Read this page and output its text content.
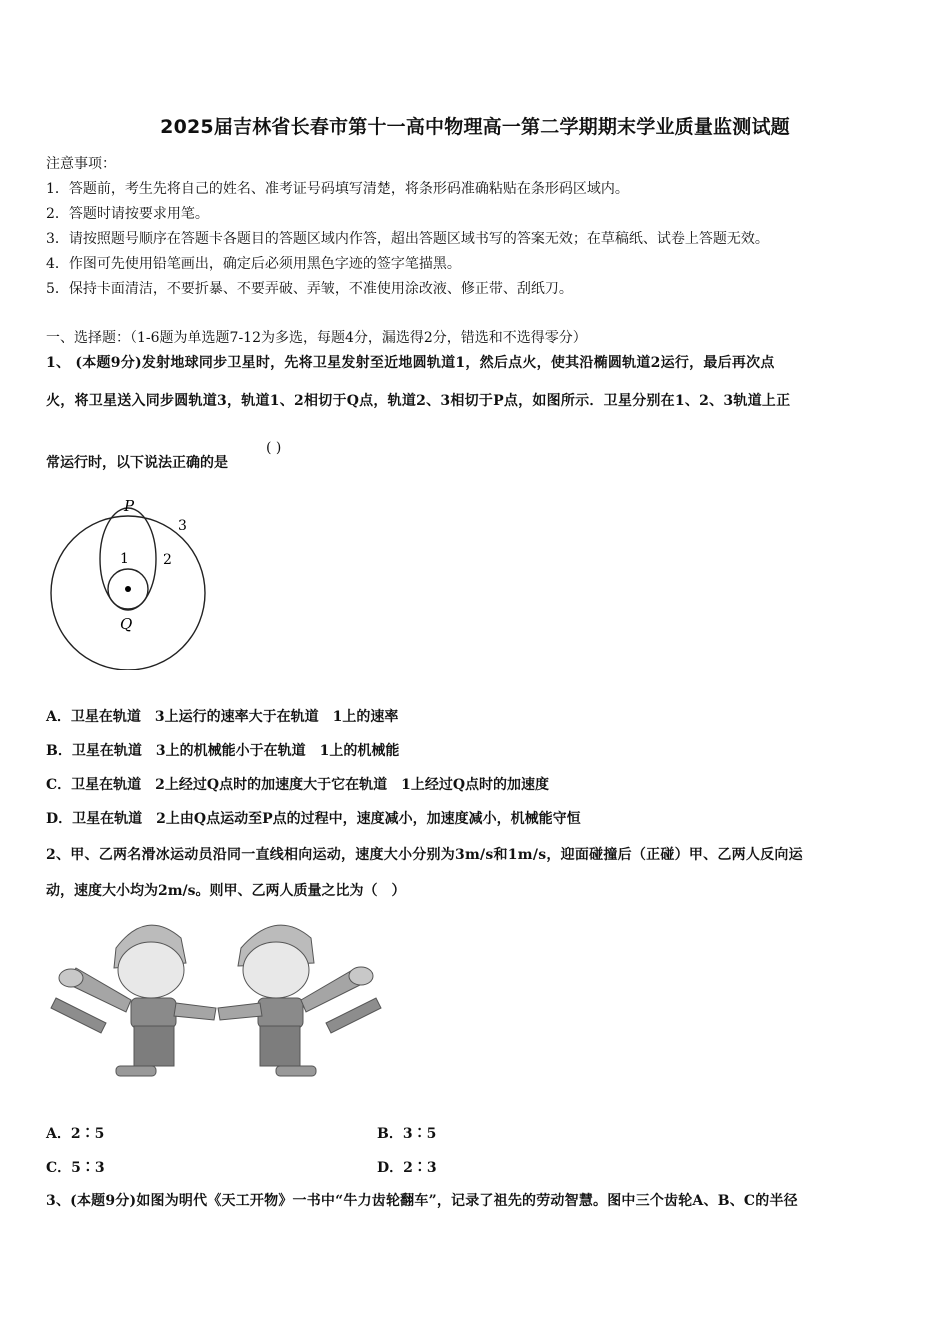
2025届吉林省长春市第十一高中物理高一第二学期期末学业质量监测试题
注意事项：
1．答题前，考生先将自己的姓名、准考证号码填写清楚，将条形码准确粘贴在条形码区域内。
2．答题时请按要求用笔。
3．请按照题号顺序在答题卡各题目的答题区域内作答，超出答题区域书写的答案无效；在草稿纸、试卷上答题无效。
4．作图可先使用铅笔画出，确定后必须用黑色字迹的签字笔描黑。
5．保持卡面清洁，不要折暴、不要弄破、弄皱，不准使用涂改液、修正带、刮纸刀。
一、选择题：（1-6题为单选题7-12为多选，每题4分，漏选得2分，错选和不选得零分）
1、 (本题9分)发射地球同步卫星时，先将卫星发射至近地圆轨道1，然后点火，使其沿椭圆轨道2运行，最后再次点
火，将卫星送入同步圆轨道3，轨道1、2相切于Q点，轨道2、3相切于P点，如图所示．卫星分别在1、2、3轨道上正
常运行时，以下说法正确的是
( )
P
Q
1 2
3
A．卫星在轨道　3上运行的速率大于在轨道　1上的速率
B．卫星在轨道　3上的机械能小于在轨道　1上的机械能
C．卫星在轨道　2上经过Q点时的加速度大于它在轨道　1上经过Q点时的加速度
D．卫星在轨道　2上由Q点运动至P点的过程中，速度减小，加速度减小，机械能守恒
2、甲、乙两名滑冰运动员沿同一直线相向运动，速度大小分别为3m/s和1m/s，迎面碰撞后（正碰）甲、乙两人反向运
动，速度大小均为2m/s。则甲、乙两人质量之比为（　）
A．2∶5	B．3∶5
C．5∶3	D．2∶3
3、(本题9分)如图为明代《天工开物》一书中“牛力齿轮翻车”，记录了祖先的劳动智慧。图中三个齿轮A、B、C的半径
